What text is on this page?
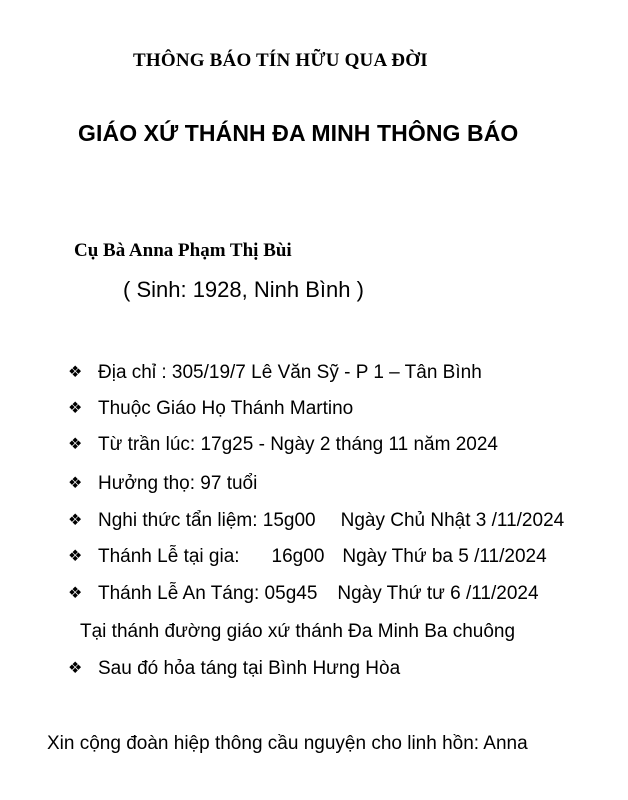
THÔNG BÁO TÍN HỮU QUA ĐỜI
GIÁO XỨ THÁNH ĐA MINH THÔNG BÁO
Cụ Bà Anna Phạm Thị Bùi
( Sinh: 1928, Ninh Bình )
❖ Địa chỉ : 305/19/7 Lê Văn Sỹ - P 1 – Tân Bình
❖ Thuộc Giáo Họ Thánh Martino
❖ Từ trần lúc: 17g25 - Ngày 2 tháng 11 năm 2024
❖ Hưởng thọ: 97 tuổi
❖ Nghi thức tẩn liệm: 15g00 Ngày Chủ Nhật 3 /11/2024
❖ Thánh Lễ tại gia: 16g00 Ngày Thứ ba 5 /11/2024
❖ Thánh Lễ An Táng: 05g45 Ngày Thứ tư 6 /11/2024
Tại thánh đường giáo xứ thánh Đa Minh Ba chuông
❖ Sau đó hỏa táng tại Bình Hưng Hòa
Xin cộng đoàn hiệp thông cầu nguyện cho linh hồn: Anna
